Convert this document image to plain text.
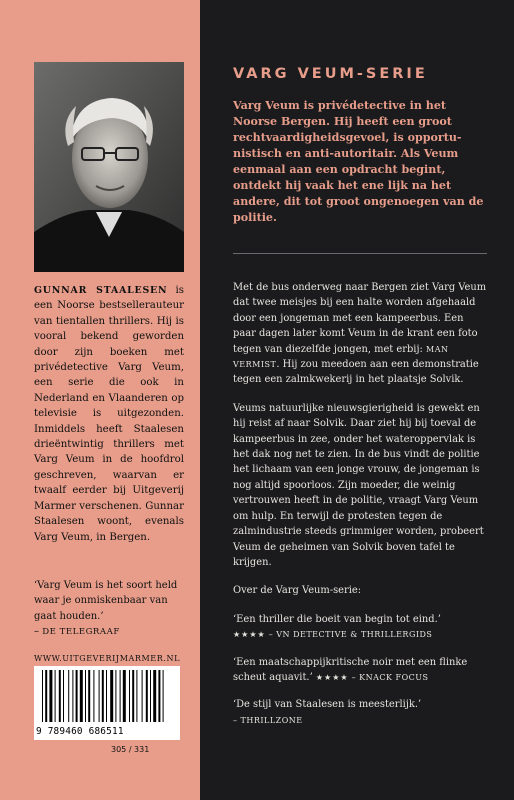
GUNNAR STAALESEN is een Noorse bestsellerauteur van tientallen thrillers. Hij is vooral bekend geworden door zijn boeken met privédetective Varg Veum, een serie die ook in Nederland en Vlaanderen op televisie is uitgezonden. Inmiddels heeft Staalesen drieëntwintig thrillers met Varg Veum in de hoofdrol geschreven, waarvan er twaalf eerder bij Uitgeverij Marmer verschenen. Gunnar Staalesen woont, evenals Varg Veum, in Bergen.
‘Varg Veum is het soort held waar je onmiskenbaar van gaat houden.’
– DE TELEGRAAF
WWW.UITGEVERIJMARMER.NL
9 789460 686511
305 / 331
VARG VEUM-SERIE
Varg Veum is privédetective in het Noorse Bergen. Hij heeft een groot rechtvaardigheidsgevoel, is opportunistisch en anti-autoritair. Als Veum eenmaal aan een opdracht begint, ontdekt hij vaak het ene lijk na het andere, dit tot groot ongenoegen van de politie.

Met de bus onderweg naar Bergen ziet Varg Veum dat twee meisjes bij een halte worden afgehaald door een jongeman met een kampeerbus. Een paar dagen later komt Veum in de krant een foto tegen van diezelfde jongen, met erbij: MAN VERMIST. Hij zou meedoen aan een demonstratie tegen een zalmkwekerij in het plaatsje Solvik.

Veums natuurlijke nieuwsgierigheid is gewekt en hij reist af naar Solvik. Daar ziet hij bij toeval de kampeerbus in zee, onder het wateroppervlak is het dak nog net te zien. In de bus vindt de politie het lichaam van een jonge vrouw, de jongeman is nog altijd spoorloos. Zijn moeder, die weinig vertrouwen heeft in de politie, vraagt Varg Veum om hulp. En terwijl de protesten tegen de zalmindustrie steeds grimmiger worden, probeert Veum de geheimen van Solvik boven tafel te krijgen.

Over de Varg Veum-serie:

‘Een thriller die boeit van begin tot eind.’
★★★★ – VN DETECTIVE & THRILLERGIDS
‘Een maatschappijkritische noir met een flinke scheut aquavit.’ ★★★★ – KNACK FOCUS
‘De stijl van Staalesen is meesterlijk.’
– THRILLZONE
